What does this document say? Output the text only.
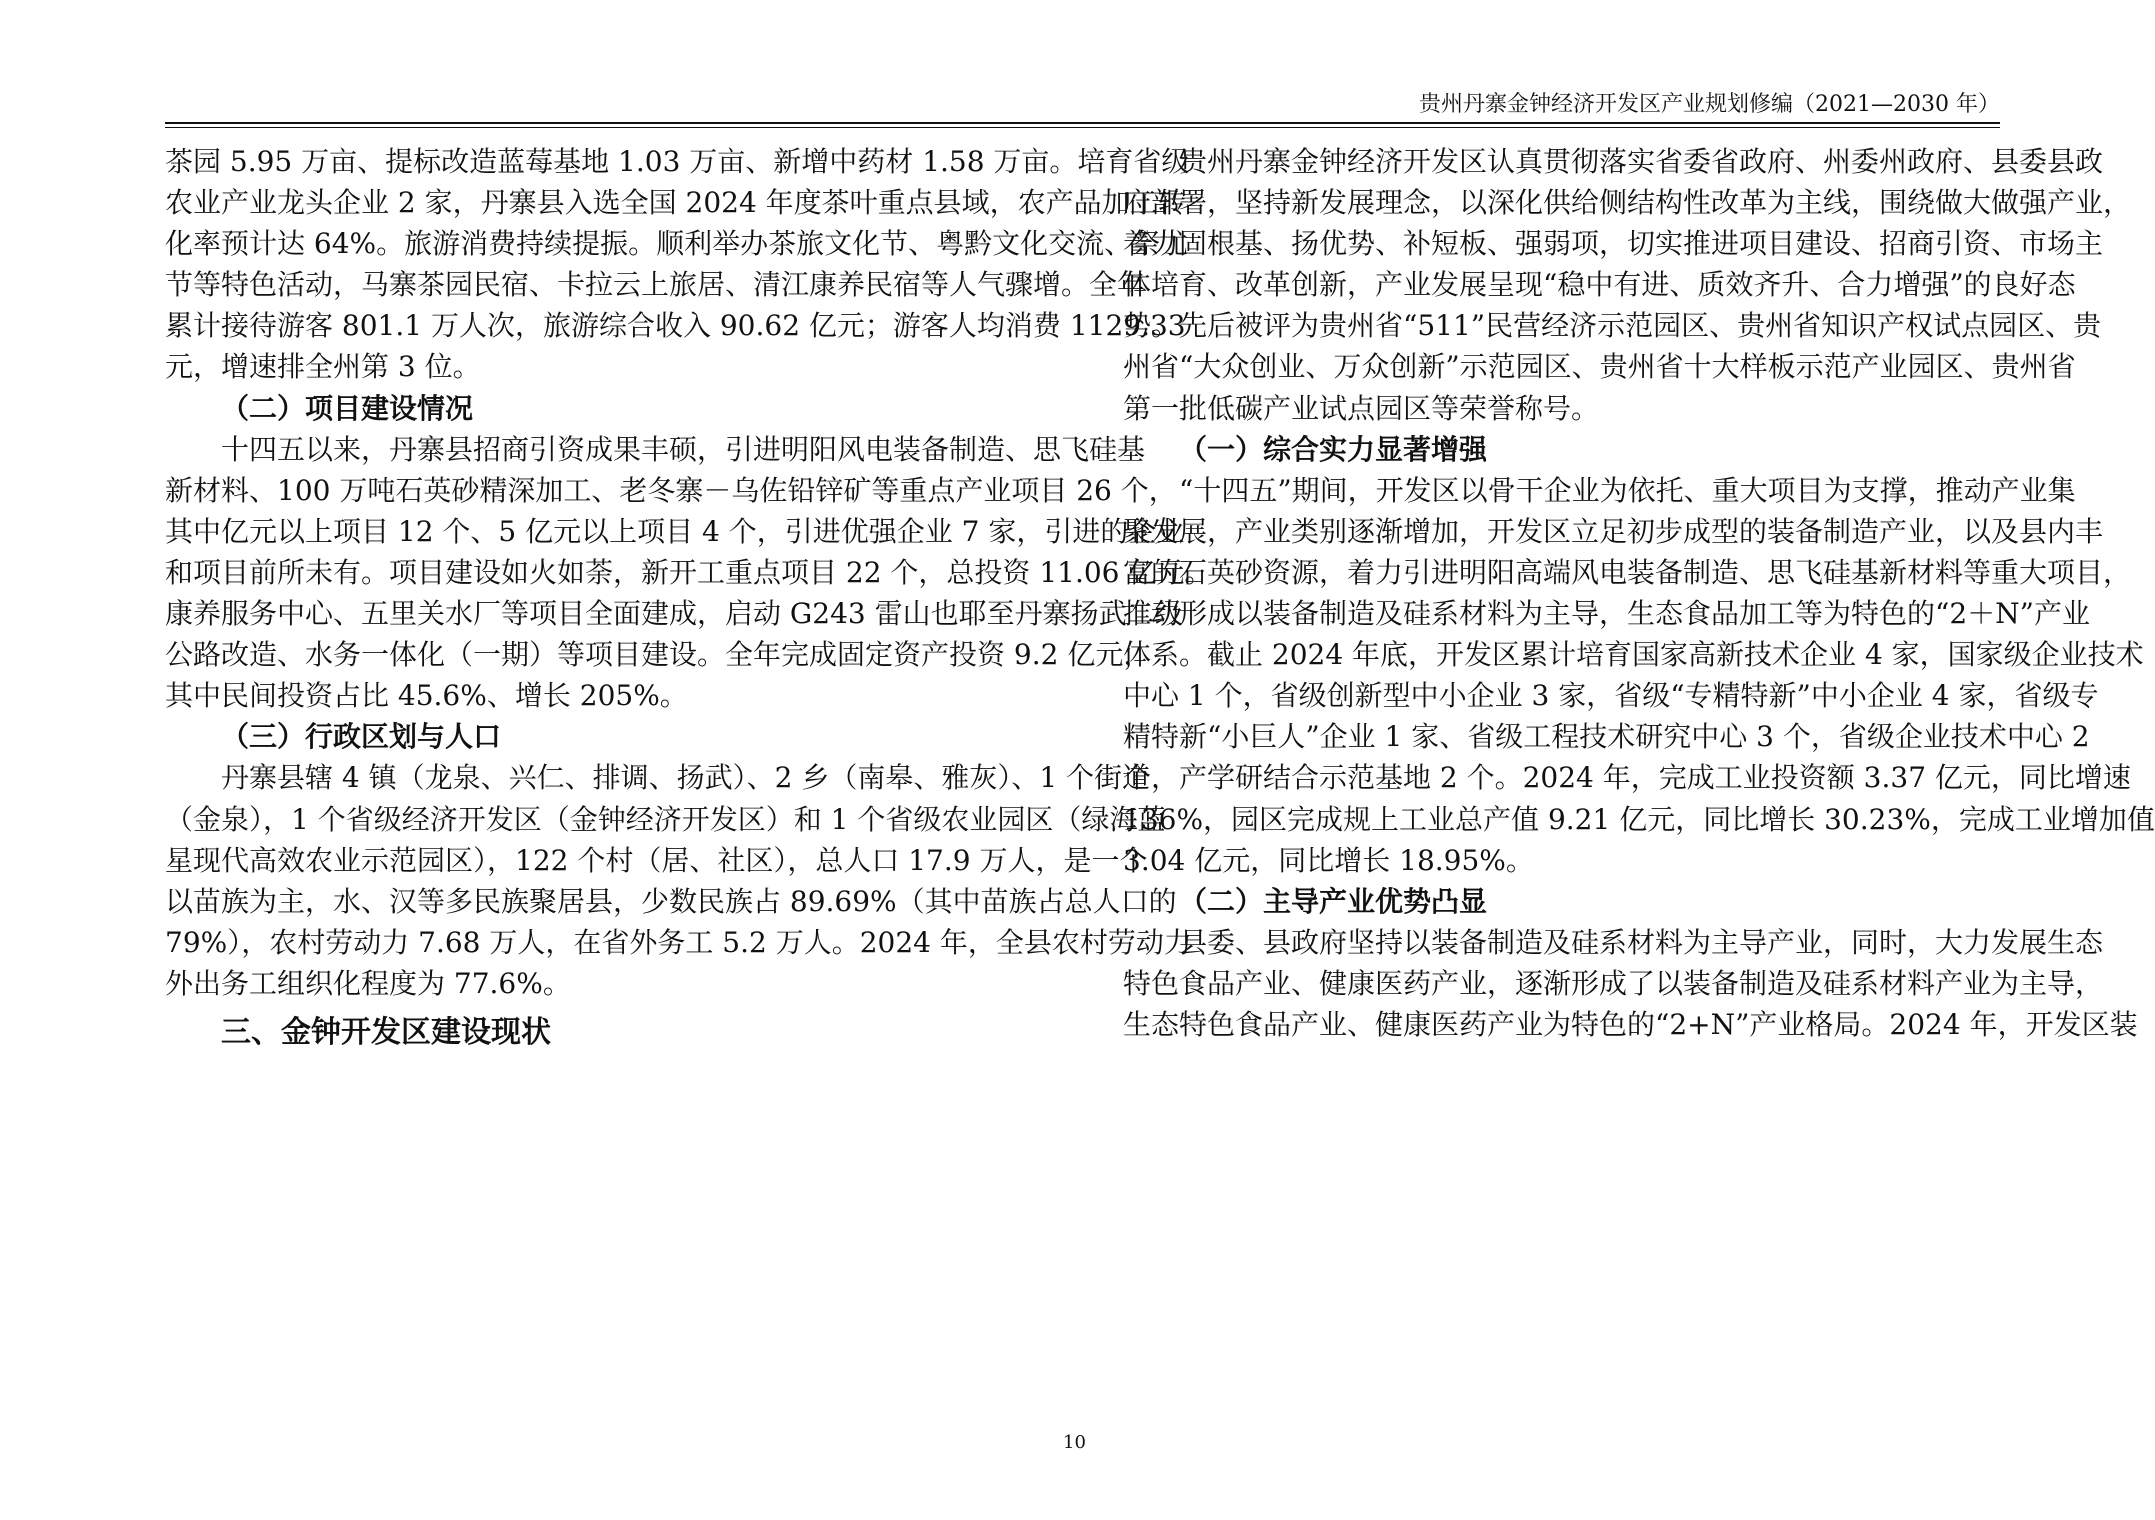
贵州丹寨金钟经济开发区产业规划修编（2021—2030 年）
茶园 5.95 万亩、提标改造蓝莓基地 1.03 万亩、新增中药材 1.58 万亩。培育省级
农业产业龙头企业 2 家，丹寨县入选全国 2024 年度茶叶重点县域，农产品加工转
化率预计达 64%。旅游消费持续提振。顺利举办茶旅文化节、粤黔文化交流、祭尤
节等特色活动，马寨茶园民宿、卡拉云上旅居、清江康养民宿等人气骤增。全年
累计接待游客 801.1 万人次，旅游综合收入 90.62 亿元；游客人均消费 1129.33
元，增速排全州第 3 位。
（二）项目建设情况
十四五以来，丹寨县招商引资成果丰硕，引进明阳风电装备制造、思飞硅基
新材料、100 万吨石英砂精深加工、老冬寨－乌佐铅锌矿等重点产业项目 26 个，
其中亿元以上项目 12 个、5 亿元以上项目 4 个，引进优强企业 7 家，引进的企业
和项目前所未有。项目建设如火如荼，新开工重点项目 22 个，总投资 11.06 亿元。
康养服务中心、五里关水厂等项目全面建成，启动 G243 雷山也耶至丹寨扬武二级
公路改造、水务一体化（一期）等项目建设。全年完成固定资产投资 9.2 亿元，
其中民间投资占比 45.6%、增长 205%。
（三）行政区划与人口
丹寨县辖 4 镇（龙泉、兴仁、排调、扬武）、2 乡（南皋、雅灰）、1 个街道
（金泉），1 个省级经济开发区（金钟经济开发区）和 1 个省级农业园区（绿海蓝
星现代高效农业示范园区），122 个村（居、社区），总人口 17.9 万人，是一个
以苗族为主，水、汉等多民族聚居县，少数民族占 89.69%（其中苗族占总人口的
79%），农村劳动力 7.68 万人，在省外务工 5.2 万人。2024 年，全县农村劳动力
外出务工组织化程度为 77.6%。
三、金钟开发区建设现状
贵州丹寨金钟经济开发区认真贯彻落实省委省政府、州委州政府、县委县政
府部署，坚持新发展理念，以深化供给侧结构性改革为主线，围绕做大做强产业，
着力固根基、扬优势、补短板、强弱项，切实推进项目建设、招商引资、市场主
体培育、改革创新，产业发展呈现“稳中有进、质效齐升、合力增强”的良好态
势。先后被评为贵州省“511”民营经济示范园区、贵州省知识产权试点园区、贵
州省“大众创业、万众创新”示范园区、贵州省十大样板示范产业园区、贵州省
第一批低碳产业试点园区等荣誉称号。
（一）综合实力显著增强
“十四五”期间，开发区以骨干企业为依托、重大项目为支撑，推动产业集
聚发展，产业类别逐渐增加，开发区立足初步成型的装备制造产业，以及县内丰
富的石英砂资源，着力引进明阳高端风电装备制造、思飞硅基新材料等重大项目，
推动形成以装备制造及硅系材料为主导，生态食品加工等为特色的“2＋N”产业
体系。截止 2024 年底，开发区累计培育国家高新技术企业 4 家，国家级企业技术
中心 1 个，省级创新型中小企业 3 家，省级“专精特新”中小企业 4 家，省级专
精特新“小巨人”企业 1 家、省级工程技术研究中心 3 个，省级企业技术中心 2
个，产学研结合示范基地 2 个。2024 年，完成工业投资额 3.37 亿元，同比增速
136%，园区完成规上工业总产值 9.21 亿元，同比增长 30.23%，完成工业增加值
3.04 亿元，同比增长 18.95%。
（二）主导产业优势凸显
县委、县政府坚持以装备制造及硅系材料为主导产业，同时，大力发展生态
特色食品产业、健康医药产业，逐渐形成了以装备制造及硅系材料产业为主导，
生态特色食品产业、健康医药产业为特色的“2+N”产业格局。2024 年，开发区装
10
